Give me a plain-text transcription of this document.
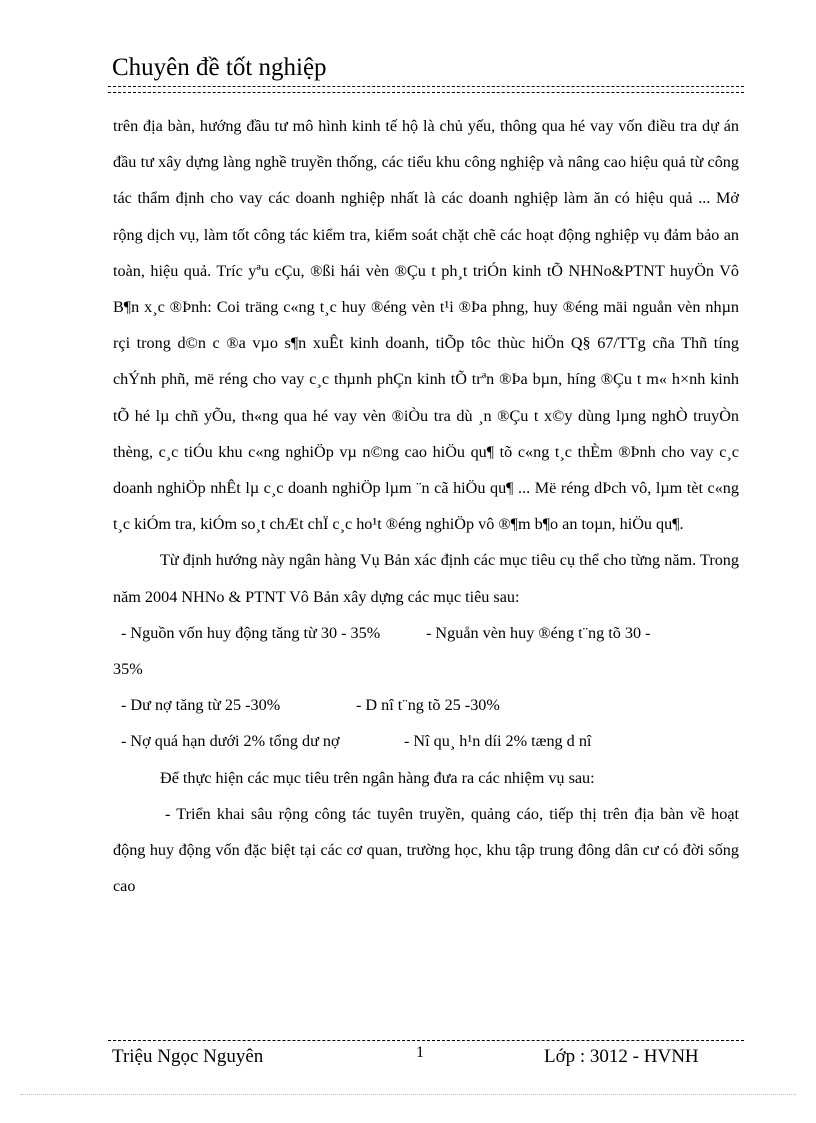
Chuyên đề tốt nghiệp

trên địa bàn, hướng đầu tư mô hình kinh tế hộ là chủ yếu, thông qua hé vay vốn điều tra dự án đầu tư xây dựng làng nghề truyền thống, các tiểu khu công nghiệp và nâng cao hiệu quả từ công tác thẩm định cho vay các doanh nghiệp nhất là các doanh nghiệp làm ăn có hiệu quả ... Mở rộng dịch vụ, làm tốt công tác kiểm tra, kiểm soát chặt chẽ các hoạt động nghiệp vụ đảm bảo an toàn, hiệu quả. Tríc yªu cÇu, ®ßi hái vèn ®Çu t ph¸t triÓn kinh tÕ NHNo&PTNT huyÖn Vô B¶n x¸c ®Þnh: Coi träng c«ng t¸c huy ®éng vèn t¹i ®Þa phng, huy ®éng mäi nguån vèn nhµn rçi trong d©n c ®a vµo s¶n xuÊt kinh doanh, tiÕp tôc thùc hiÖn Q§ 67/TTg cña Thñ tíng chÝnh phñ, më réng cho vay c¸c thµnh phÇn kinh tÕ trªn ®Þa bµn, híng ®Çu t m« h×nh kinh tÕ hé lµ chñ yÕu, th«ng qua hé vay vèn ®iÒu tra dù ¸n ®Çu t x©y dùng lµng nghÒ truyÒn thèng, c¸c tiÓu khu c«ng nghiÖp vµ n©ng cao hiÖu qu¶ tõ c«ng t¸c thÈm ®Þnh cho vay c¸c doanh nghiÖp nhÊt lµ c¸c doanh nghiÖp lµm ¨n cã hiÖu qu¶ ... Më réng dÞch vô, lµm tèt c«ng t¸c kiÓm tra, kiÓm so¸t chÆt chÏ c¸c ho¹t ®éng nghiÖp vô ®¶m b¶o an toµn, hiÖu qu¶.

Từ định hướng này ngân hàng Vụ Bản xác định các mục tiêu cụ thể cho từng năm. Trong năm 2004 NHNo & PTNT Vô Bản xây dựng các mục tiêu sau:

- Nguồn vốn huy động tăng từ 30 - 35%	- Nguån vèn huy ®éng t¨ng tõ 30 -

35%

- Dư nợ tăng từ 25 -30%	- D nî t¨ng tõ 25 -30%
- Nợ quá hạn dưới 2% tổng dư nợ	- Nî qu¸ h¹n díi 2% tæng d nî

Để thực hiện các mục tiêu trên ngân hàng đưa ra các nhiệm vụ sau:

- Triển khai sâu rộng công tác tuyên truyền, quảng cáo, tiếp thị trên địa bàn về hoạt động huy động vốn đặc biệt tại các cơ quan, trường học, khu tập trung đông dân cư có đời sống cao

Triệu Ngọc Nguyên	1	Lớp : 3012 - HVNH
